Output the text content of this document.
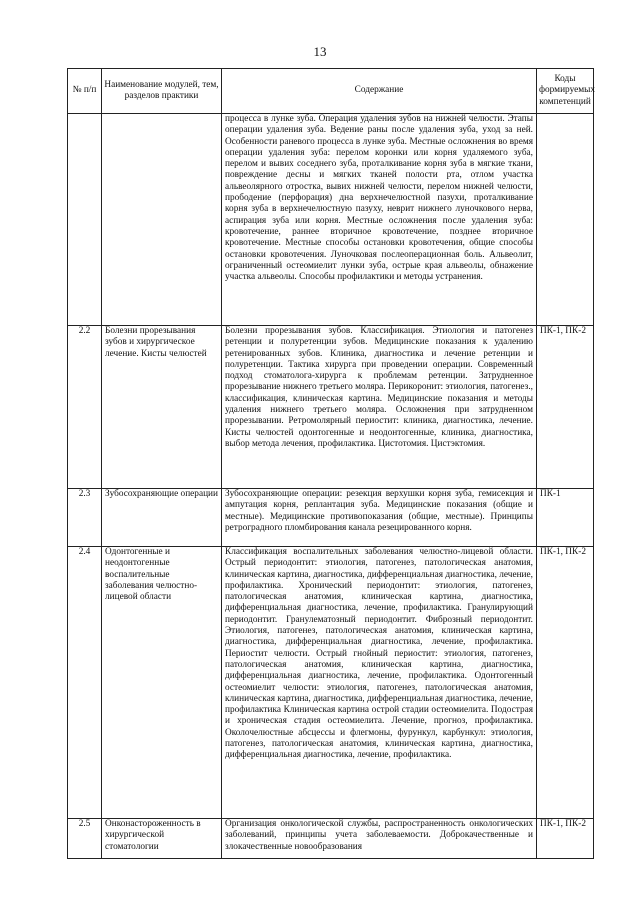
13
№ п/п	Наименование модулей, тем, разделов практики	Содержание	Коды формируемых компетенций
		процесса в лунке зуба. Операция удаления зубов на нижней челюсти. Этапы операции удаления зуба. Ведение раны после удаления зуба, уход за ней. Особенности раневого процесса в лунке зуба. Местные осложнения во время операции удаления зуба: перелом коронки или корня удаляемого зуба, перелом и вывих соседнего зуба, проталкивание корня зуба в мягкие ткани, повреждение десны и мягких тканей полости рта, отлом участка альвеолярного отростка, вывих нижней челюсти, перелом нижней челюсти, прободение (перфорация) дна верхнечелюстной пазухи, проталкивание корня зуба в верхнечелюстную пазуху, неврит нижнего луночкового нерва, аспирация зуба или корня. Местные осложнения после удаления зуба: кровотечение, раннее вторичное кровотечение, позднее вторичное кровотечение. Местные способы остановки кровотечения, общие способы остановки кровотечения. Луночковая послеоперационная боль. Альвеолит, ограниченный остеомиелит лунки зуба, острые края альвеолы, обнажение участка альвеолы. Способы профилактики и методы устранения.	
2.2	Болезни прорезывания зубов и хирургическое лечение. Кисты челюстей	Болезни прорезывания зубов. Классификация. Этиология и патогенез ретенции и полуретенции зубов. Медицинские показания к удалению ретенированных зубов. Клиника, диагностика и лечение ретенции и полуретенции. Тактика хирурга при проведении операции. Современный подход стоматолога-хирурга к проблемам ретенции. Затрудненное прорезывание нижнего третьего моляра. Перикоронит: этиология, патогенез., классификация, клиническая картина. Медицинские показания и методы удаления нижнего третьего моляра. Осложнения при затрудненном прорезывании. Ретромолярный периостит: клиника, диагностика, лечение. Кисты челюстей одонтогенные и неодонтогенные, клиника, диагностика, выбор метода лечения, профилактика. Цистотомия. Цистэктомия.	ПК-1, ПК-2
2.3	Зубосохраняющие операции	Зубосохраняющие операции: резекция верхушки корня зуба, гемисекция и ампутация корня, реплантация зуба. Медицинские показания (общие и местные). Медицинские противопоказания (общие, местные). Принципы ретроградного пломбирования канала резецированного корня.	ПК-1
2.4	Одонтогенные и неодонтогенные воспалительные заболевания челюстно-лицевой области	Классификация воспалительных заболевания челюстно-лицевой области. Острый периодонтит: этиология, патогенез, патологическая анатомия, клиническая картина, диагностика, дифференциальная диагностика, лечение, профилактика. Хронический периодонтит: этиология, патогенез, патологическая анатомия, клиническая картина, диагностика, дифференциальная диагностика, лечение, профилактика. Гранулирующий периодонтит. Гранулематозный периодонтит. Фиброзный периодонтит. Этиология, патогенез, патологическая анатомия, клиническая картина, диагностика, дифференциальная диагностика, лечение, профилактика. Периостит челюсти. Острый гнойный периостит: этиология, патогенез, патологическая анатомия, клиническая картина, диагностика, дифференциальная диагностика, лечение, профилактика. Одонтогенный остеомиелит челюсти: этиология, патогенез, патологическая анатомия, клиническая картина, диагностика, дифференциальная диагностика, лечение, профилактика Клиническая картина острой стадии остеомиелита. Подострая и хроническая стадия остеомиелита. Лечение, прогноз, профилактика. Околочелюстные абсцессы и флегмоны, фурункул, карбункул: этиология, патогенез, патологическая анатомия, клиническая картина, диагностика, дифференциальная диагностика, лечение, профилактика.	ПК-1, ПК-2
2.5	Онконастороженность в хирургической стоматологии	Организация онкологической службы, распространенность онкологических заболеваний, принципы учета заболеваемости. Доброкачественные и злокачественные новообразования	ПК-1, ПК-2
